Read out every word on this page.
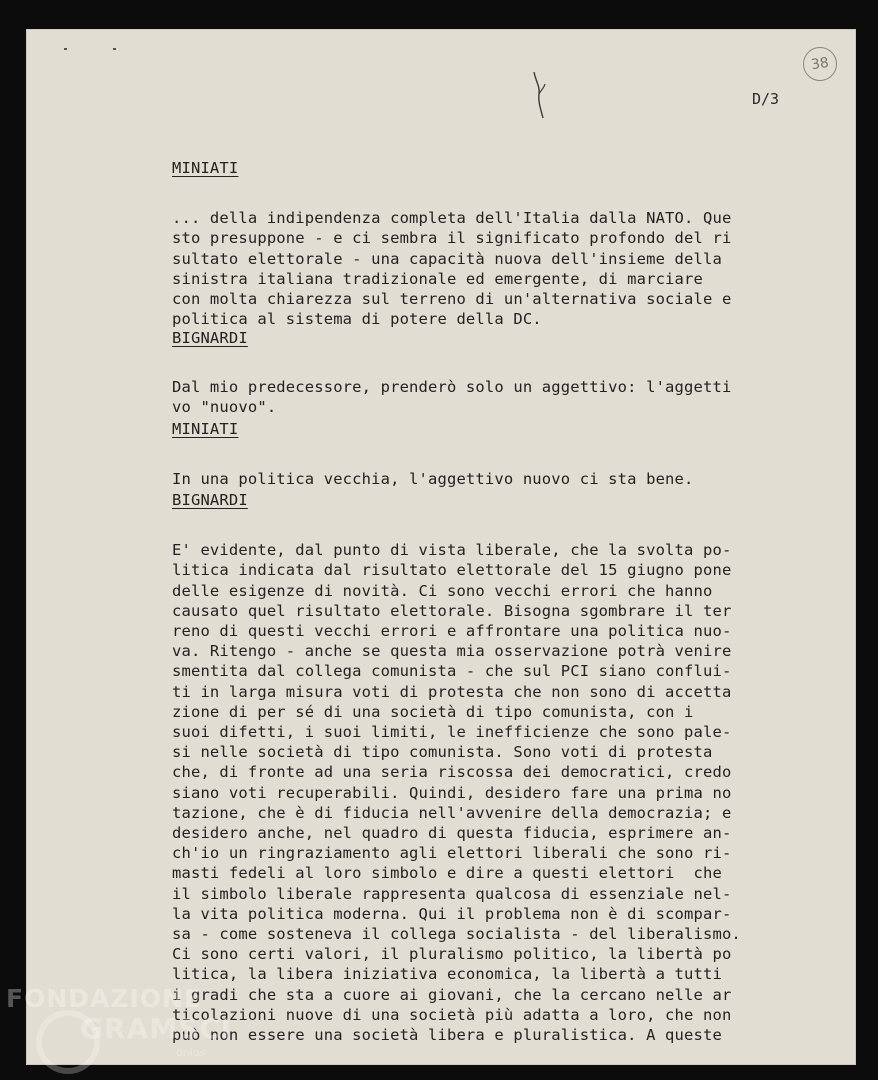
38
D/3
MINIATI

... della indipendenza completa dell'Italia dalla NATO. Que
sto presuppone - e ci sembra il significato profondo del ri
sultato elettorale - una capacità nuova dell'insieme della
sinistra italiana tradizionale ed emergente, di marciare
con molta chiarezza sul terreno di un'alternativa sociale e
politica al sistema di potere della DC.

BIGNARDI

Dal mio predecessore, prenderò solo un aggettivo: l'aggetti
vo "nuovo".

MINIATI

In una politica vecchia, l'aggettivo nuovo ci sta bene.

BIGNARDI

E' evidente, dal punto di vista liberale, che la svolta po-
litica indicata dal risultato elettorale del 15 giugno pone
delle esigenze di novità. Ci sono vecchi errori che hanno
causato quel risultato elettorale. Bisogna sgombrare il ter
reno di questi vecchi errori e affrontare una politica nuo-
va. Ritengo - anche se questa mia osservazione potrà venire
smentita dal collega comunista - che sul PCI siano conflui-
ti in larga misura voti di protesta che non sono di accetta
zione di per sé di una società di tipo comunista, con i
suoi difetti, i suoi limiti, le inefficienze che sono pale-
si nelle società di tipo comunista. Sono voti di protesta
che, di fronte ad una seria riscossa dei democratici, credo
siano voti recuperabili. Quindi, desidero fare una prima no
tazione, che è di fiducia nell'avvenire della democrazia; e
desidero anche, nel quadro di questa fiducia, esprimere an-
ch'io un ringraziamento agli elettori liberali che sono ri-
masti fedeli al loro simbolo e dire a questi elettori  che
il simbolo liberale rappresenta qualcosa di essenziale nel-
la vita politica moderna. Qui il problema non è di scompar-
sa - come sosteneva il collega socialista - del liberalismo.
Ci sono certi valori, il pluralismo politico, la libertà po
litica, la libera iniziativa economica, la libertà a tutti
i gradi che sta a cuore ai giovani, che la cercano nelle ar
ticolazioni nuove di una società più adatta a loro, che non
può non essere una società libera e pluralistica. A queste

FONDAZIONE
GRAMSCI
onlus
